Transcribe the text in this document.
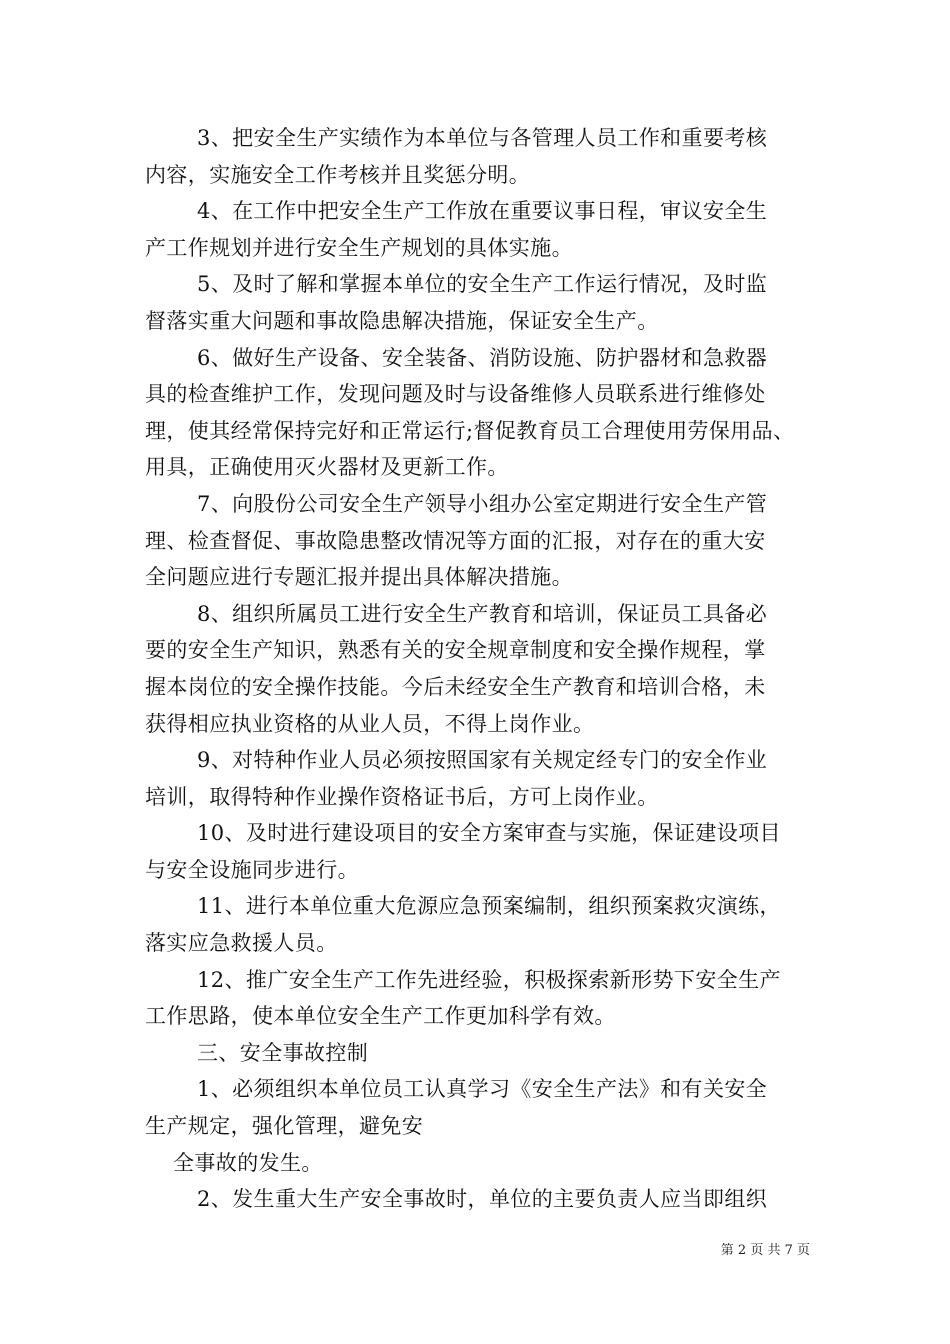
3、把安全生产实绩作为本单位与各管理人员工作和重要考核
内容，实施安全工作考核并且奖惩分明。

4、在工作中把安全生产工作放在重要议事日程，审议安全生
产工作规划并进行安全生产规划的具体实施。

5、及时了解和掌握本单位的安全生产工作运行情况，及时监
督落实重大问题和事故隐患解决措施，保证安全生产。

6、做好生产设备、安全装备、消防设施、防护器材和急救器
具的检查维护工作，发现问题及时与设备维修人员联系进行维修处
理，使其经常保持完好和正常运行;督促教育员工合理使用劳保用品、
用具，正确使用灭火器材及更新工作。

7、向股份公司安全生产领导小组办公室定期进行安全生产管
理、检查督促、事故隐患整改情况等方面的汇报，对存在的重大安
全问题应进行专题汇报并提出具体解决措施。

8、组织所属员工进行安全生产教育和培训，保证员工具备必
要的安全生产知识，熟悉有关的安全规章制度和安全操作规程，掌
握本岗位的安全操作技能。今后未经安全生产教育和培训合格，未
获得相应执业资格的从业人员，不得上岗作业。

9、对特种作业人员必须按照国家有关规定经专门的安全作业
培训，取得特种作业操作资格证书后，方可上岗作业。

10、及时进行建设项目的安全方案审查与实施，保证建设项目
与安全设施同步进行。

11、进行本单位重大危源应急预案编制，组织预案救灾演练，
落实应急救援人员。

12、推广安全生产工作先进经验，积极探索新形势下安全生产
工作思路，使本单位安全生产工作更加科学有效。

三、安全事故控制

1、必须组织本单位员工认真学习《安全生产法》和有关安全
生产规定，强化管理，避免安

全事故的发生。

2、发生重大生产安全事故时，单位的主要负责人应当即组织

第 2 页 共 7 页
